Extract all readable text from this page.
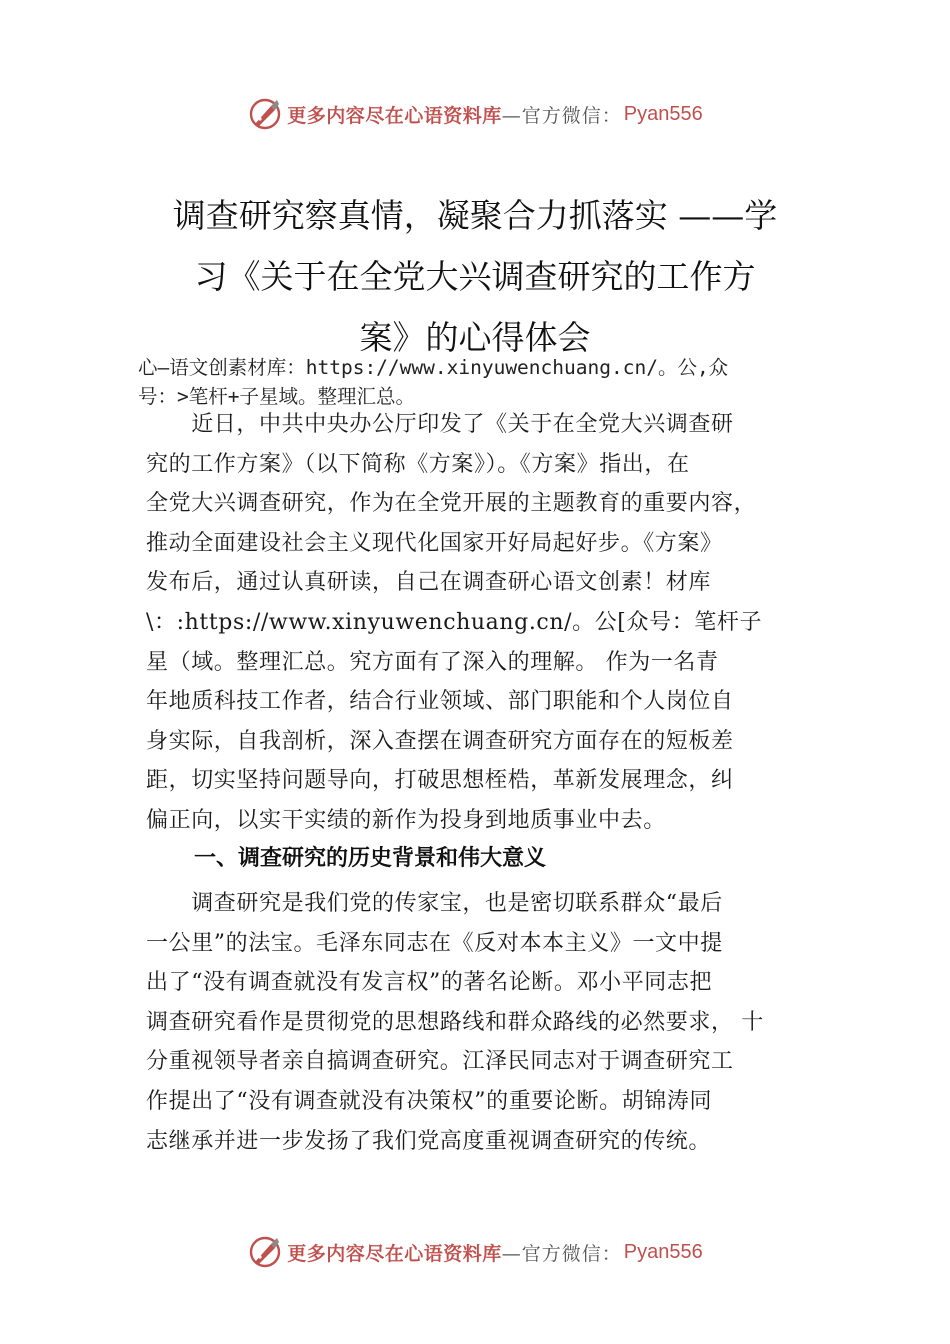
更多内容尽在心语资料库 —官方微信： Pyan556
调查研究察真情，凝聚合力抓落实 ——学
习《关于在全党大兴调查研究的工作方
案》的心得体会
心—语文创素材库：https://www.xinyuwenchuang.cn/。公,众
号：>笔杆+子星域。整理汇总。
　　近日，中共中央办公厅印发了《关于在全党大兴调查研
究的工作方案》（以下简称《方案》）。《方案》指出，在
全党大兴调查研究，作为在全党开展的主题教育的重要内容，
推动全面建设社会主义现代化国家开好局起好步。《方案》
发布后，通过认真研读，自己在调查研心语文创素！材库
\：:https://www.xinyuwenchuang.cn/。公[众号：笔杆子
星（域。整理汇总。究方面有了深入的理解。 作为一名青
年地质科技工作者，结合行业领域、部门职能和个人岗位自
身实际，自我剖析，深入查摆在调查研究方面存在的短板差
距，切实坚持问题导向，打破思想桎梏，革新发展理念，纠
偏正向，以实干实绩的新作为投身到地质事业中去。
一、调查研究的历史背景和伟大意义
　　调查研究是我们党的传家宝，也是密切联系群众“最后
一公里”的法宝。毛泽东同志在《反对本本主义》一文中提
出了“没有调查就没有发言权”的著名论断。邓小平同志把
调查研究看作是贯彻党的思想路线和群众路线的必然要求， 十
分重视领导者亲自搞调查研究。江泽民同志对于调查研究工
作提出了“没有调查就没有决策权”的重要论断。胡锦涛同
志继承并进一步发扬了我们党高度重视调查研究的传统。
更多内容尽在心语资料库 —官方微信： Pyan556
